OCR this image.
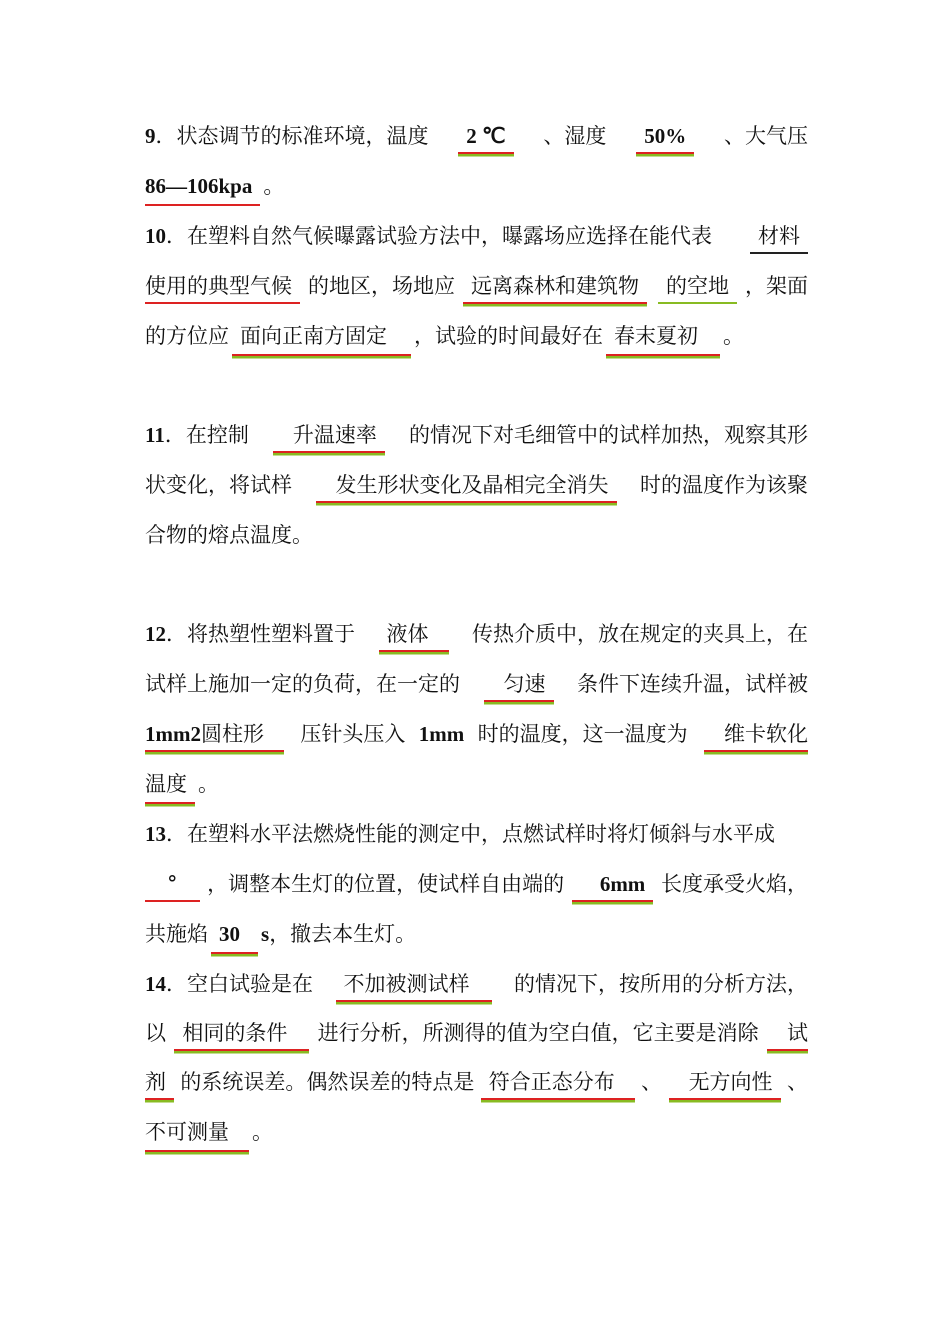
9．状态调节的标准环境，温度	2 ℃	、湿度	50%	、大气压
86—106kpa 。
10．在塑料自然气候曝露试验方法中，曝露场应选择在能代表	材料
使用的典型气候 的地区，场地应 远离森林和建筑物	的空地 ，架面
的方位应 面向正南方固定 ，试验的时间最好在 春末夏初 。
11．在控制	升温速率	的情况下对毛细管中的试样加热，观察其形
状变化，将试样	发生形状变化及晶相完全消失	时的温度作为该聚
合物的熔点温度。
12．将热塑性塑料置于	液体	传热介质中，放在规定的夹具上，在
试样上施加一定的负荷，在一定的	匀速	条件下连续升温，试样被
1mm2圆柱形	压针头压入 1mm 时的温度，这一温度为	维卡软化
温度 。
13．在塑料水平法燃烧性能的测定中，点燃试样时将灯倾斜与水平成
°	，调整本生灯的位置，使试样自由端的	6mm 长度承受火焰，
共施焰 30 s，撤去本生灯。
14．空白试验是在	不加被测试样	的情况下，按所用的分析方法，
以 相同的条件	进行分析，所测得的值为空白值，它主要是消除	试
剂 的系统误差。偶然误差的特点是 符合正态分布	、	无方向性 、
不可测量 。
